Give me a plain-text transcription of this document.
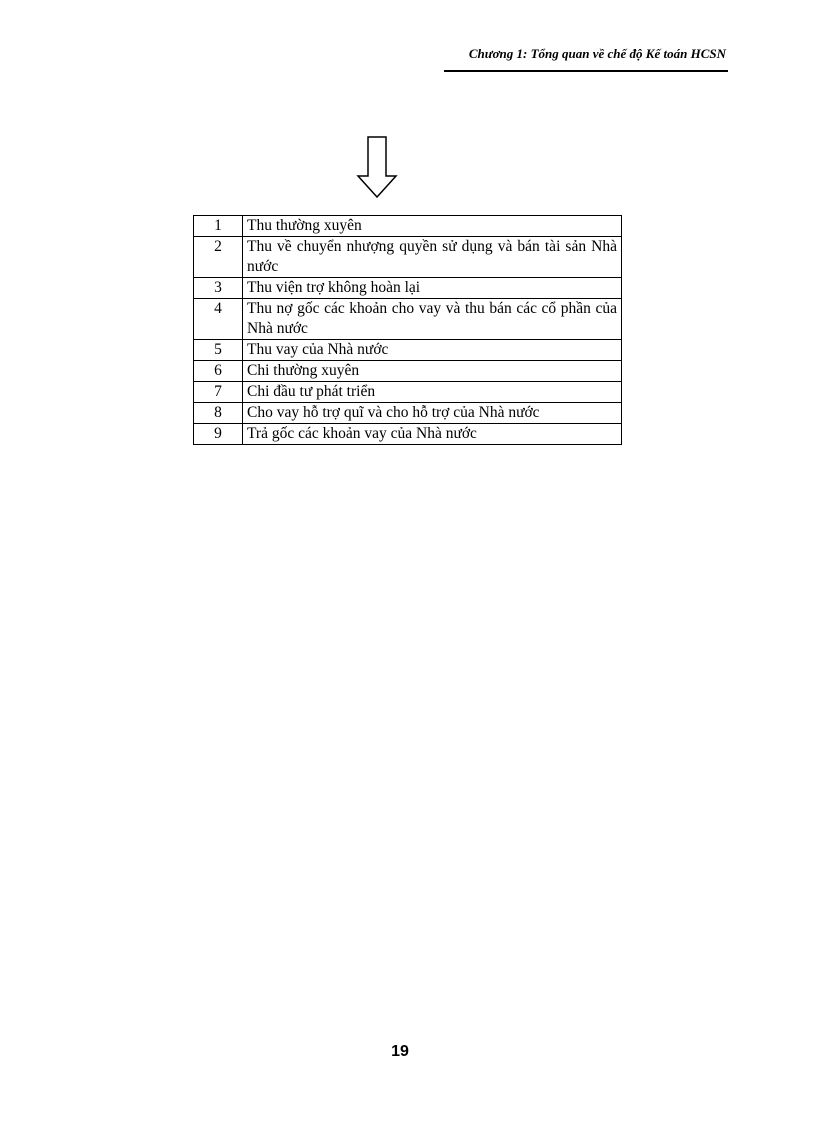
Chương 1: Tổng quan về chế độ Kế toán HCSN
1	Thu thường xuyên
2	Thu về chuyển nhượng quyền sử dụng và bán tài sản Nhà nước
3	Thu viện trợ không hoàn lại
4	Thu nợ gốc các khoản cho vay và thu bán các cổ phần của Nhà nước
5	Thu vay của Nhà nước
6	Chi thường xuyên
7	Chi đầu tư phát triển
8	Cho vay hỗ trợ quĩ và cho hỗ trợ của Nhà nước
9	Trả gốc các khoản vay của Nhà nước
19
